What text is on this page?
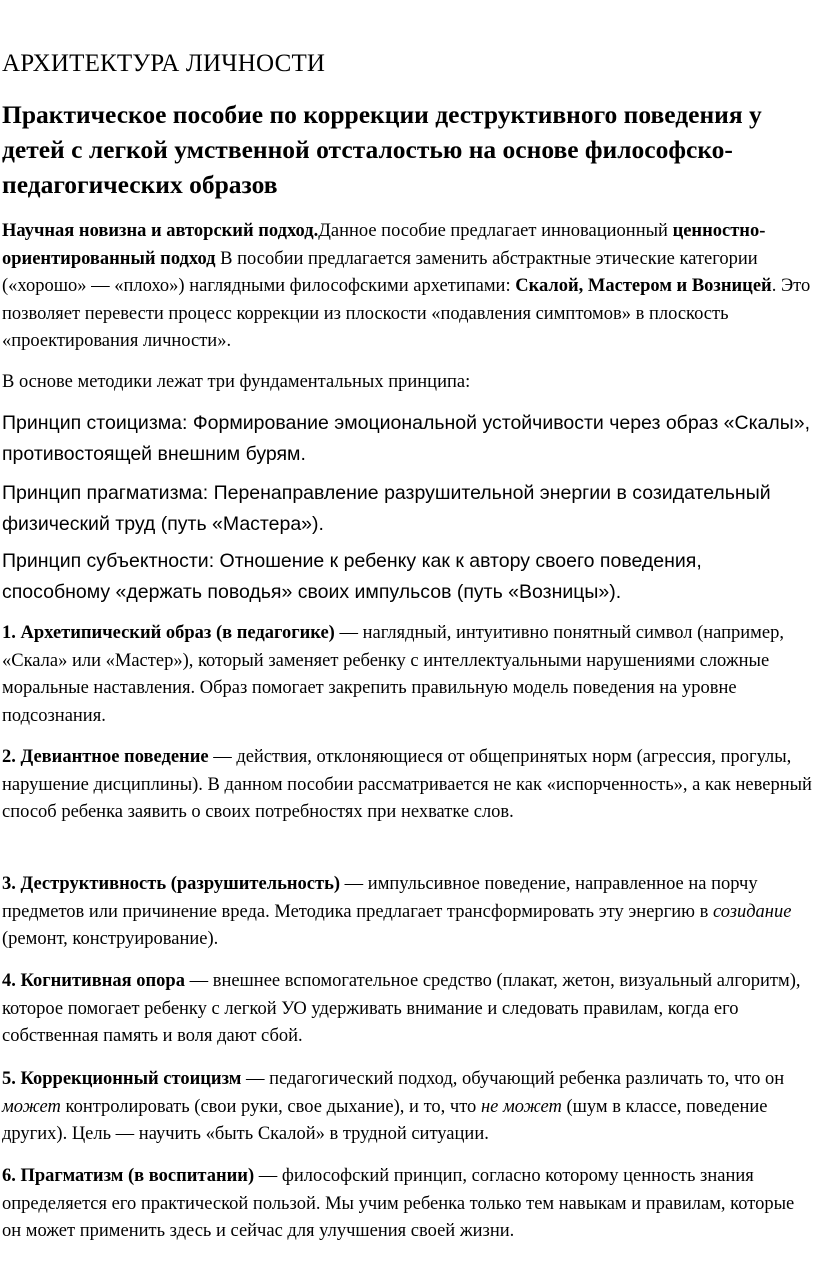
АРХИТЕКТУРА ЛИЧНОСТИ
Практическое пособие по коррекции деструктивного поведения у детей с легкой умственной отсталостью на основе философско-педагогических образов

Научная новизна и авторский подход.Данное пособие предлагает инновационный ценностно-ориентированный подход В пособии предлагается заменить абстрактные этические категории («хорошо» — «плохо») наглядными философскими архетипами: Скалой, Мастером и Возницей. Это позволяет перевести процесс коррекции из плоскости «подавления симптомов» в плоскость «проектирования личности».

В основе методики лежат три фундаментальных принципа:

Принцип стоицизма: Формирование эмоциональной устойчивости через образ «Скалы», противостоящей внешним бурям.

Принцип прагматизма: Перенаправление разрушительной энергии в созидательный физический труд (путь «Мастера»).

Принцип субъектности: Отношение к ребенку как к автору своего поведения, способному «держать поводья» своих импульсов (путь «Возницы»).

1. Архетипический образ (в педагогике) — наглядный, интуитивно понятный символ (например, «Скала» или «Мастер»), который заменяет ребенку с интеллектуальными нарушениями сложные моральные наставления. Образ помогает закрепить правильную модель поведения на уровне подсознания.

2. Девиантное поведение — действия, отклоняющиеся от общепринятых норм (агрессия, прогулы, нарушение дисциплины). В данном пособии рассматривается не как «испорченность», а как неверный способ ребенка заявить о своих потребностях при нехватке слов.

3. Деструктивность (разрушительность) — импульсивное поведение, направленное на порчу предметов или причинение вреда. Методика предлагает трансформировать эту энергию в созидание (ремонт, конструирование).

4. Когнитивная опора — внешнее вспомогательное средство (плакат, жетон, визуальный алгоритм), которое помогает ребенку с легкой УО удерживать внимание и следовать правилам, когда его собственная память и воля дают сбой.

5. Коррекционный стоицизм — педагогический подход, обучающий ребенка различать то, что он может контролировать (свои руки, свое дыхание), и то, что не может (шум в классе, поведение других). Цель — научить «быть Скалой» в трудной ситуации.

6. Прагматизм (в воспитании) — философский принцип, согласно которому ценность знания определяется его практической пользой. Мы учим ребенка только тем навыкам и правилам, которые он может применить здесь и сейчас для улучшения своей жизни.
